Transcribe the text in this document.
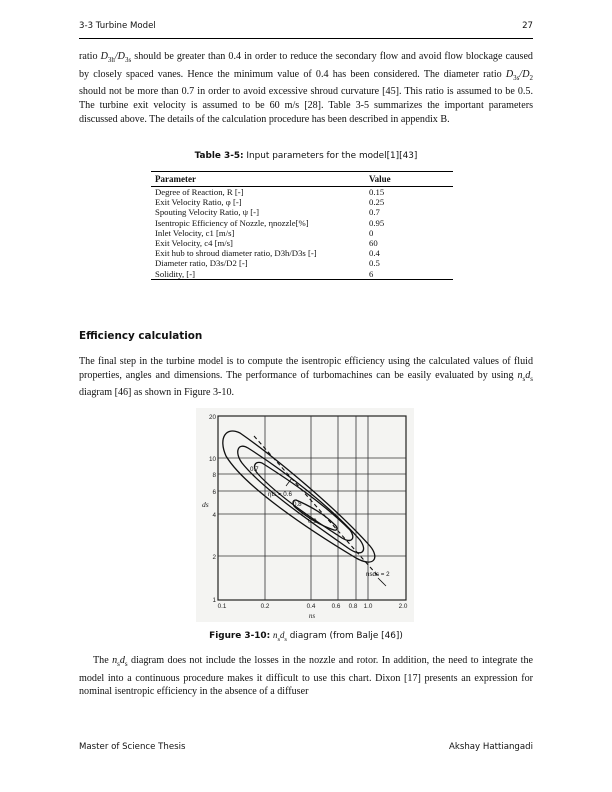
3-3 Turbine Model	27

ratio $D_{3h}/D_{3s}$ should be greater than 0.4 in order to reduce the secondary flow and avoid flow blockage caused by closely spaced vanes. Hence the minimum value of 0.4 has been considered. The diameter ratio $D_{3s}/D_2$ should not be more than 0.7 in order to avoid excessive shroud curvature [45]. This ratio is assumed to be 0.5. The turbine exit velocity is assumed to be 60 m/s [28]. Table 3-5 summarizes the important parameters discussed above. The details of the calculation procedure has been described in appendix B.

Table 3-5: Input parameters for the model[1][43]

Parameter	Value
Degree of Reaction, R [-]	0.15
Exit Velocity Ratio, φ [-]	0.25
Spouting Velocity Ratio, ψ [-]	0.7
Isentropic Efficiency of Nozzle, ηnozzle[%]	0.95
Inlet Velocity, c1 [m/s]	0
Exit Velocity, c4 [m/s]	60
Exit hub to shroud diameter ratio, D3h/D3s [-]	0.4
Diameter ratio, D3s/D2 [-]	0.5
Solidity, [-]	6
Efficiency calculation

The final step in the turbine model is to compute the isentropic efficiency using the calculated values of fluid properties, angles and dimensions. The performance of turbomachines can be easily evaluated by using $n_sd_s$ diagram [46] as shown in Figure 3-10.

20
10
8
6
4
2
1
0.1	0.2	0.4	0.6 0.8 1.0	2.0
ds
ns
ηts = 0.6
0.7
0.8
0.9
nsds = 2

Figure 3-10: $n_sd_s$ diagram (from Balje [46])

The $n_sd_s$ diagram does not include the losses in the nozzle and rotor. In addition, the need to integrate the model into a continuous procedure makes it difficult to use this chart. Dixon [17] presents an expression for nominal isentropic efficiency in the absence of a diffuser

Master of Science Thesis	Akshay Hattiangadi
